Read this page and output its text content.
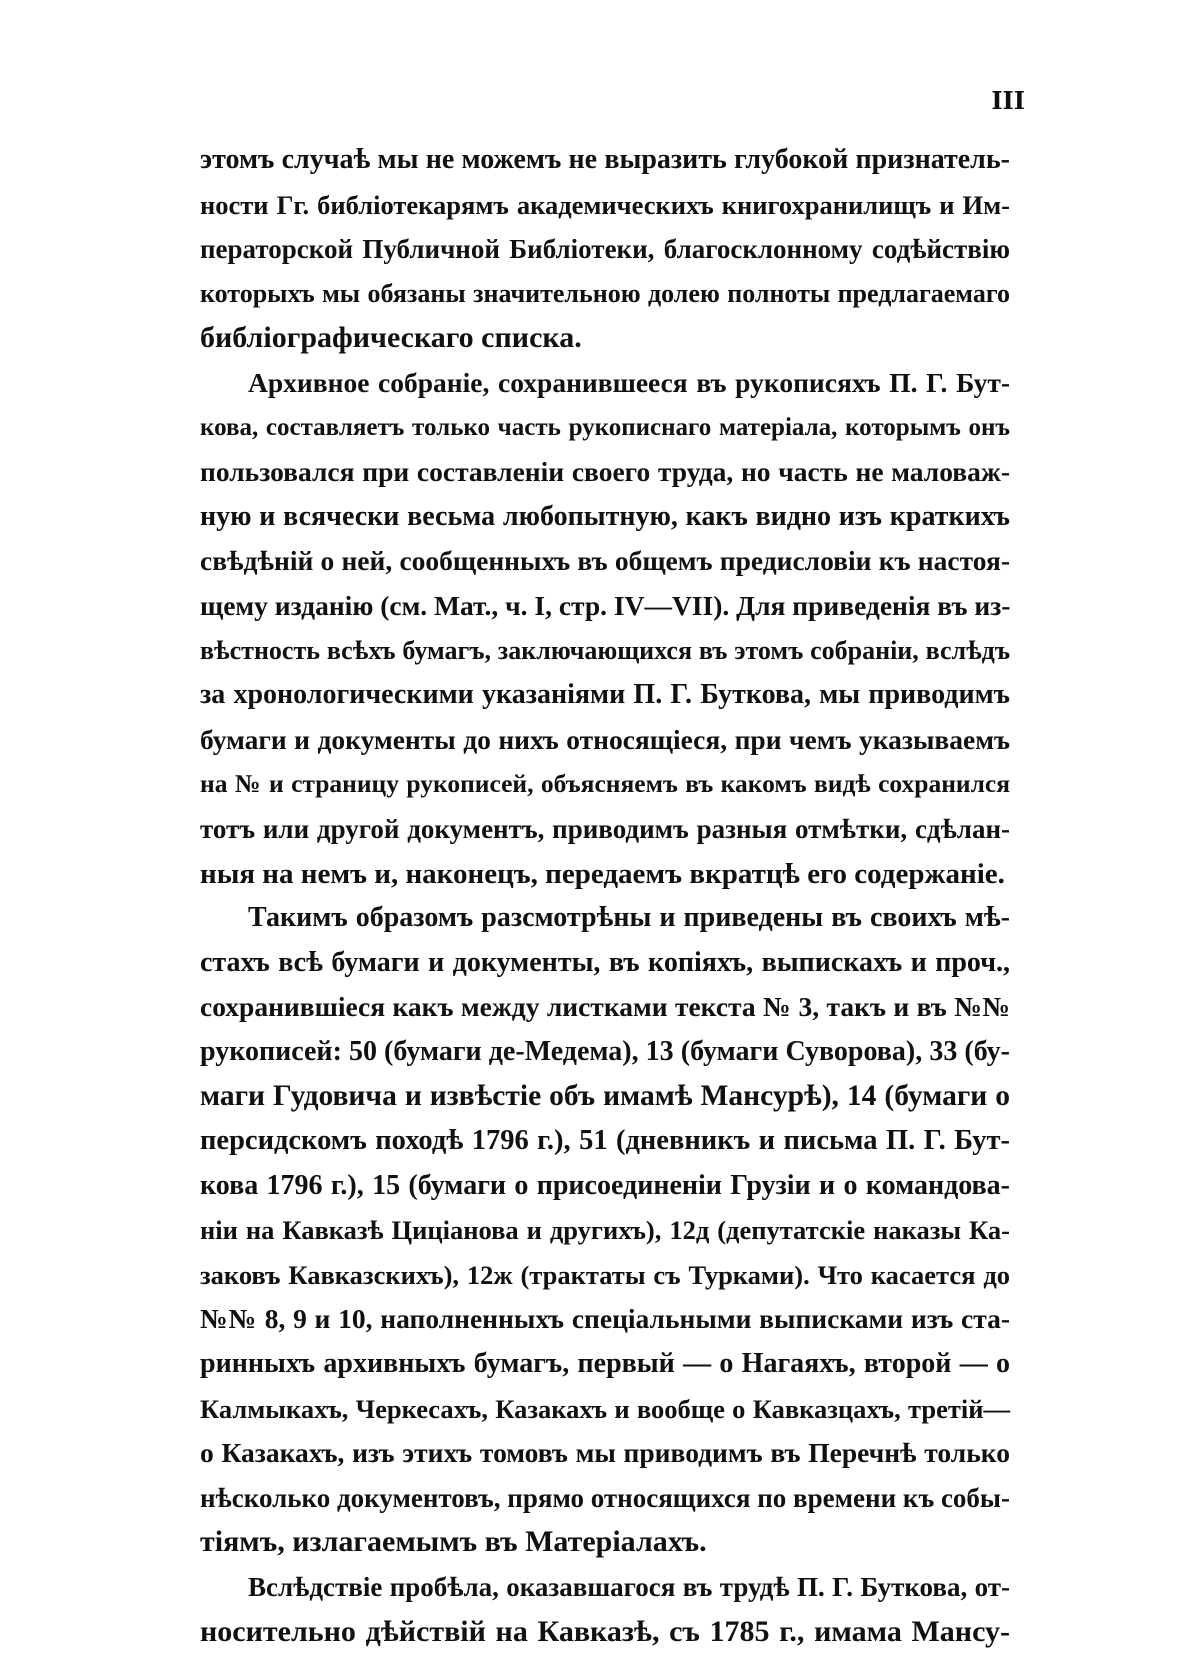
III
этомъ случаѣ мы не можемъ не выразить глубокой признатель-
ности Гг. библіотекарямъ академическихъ книгохранилищъ и Им-
ператорской Публичной Библіотеки, благосклонному содѣйствію
которыхъ мы обязаны значительною долею полноты предлагаемаго
библіографическаго списка.
Архивное собраніе, сохранившееся въ рукописяхъ П. Г. Бут-
кова, составляетъ только часть рукописнаго матеріала, которымъ онъ
пользовался при составленіи своего труда, но часть не маловаж-
ную и всячески весьма любопытную, какъ видно изъ краткихъ
свѣдѣній о ней, сообщенныхъ въ общемъ предисловіи къ настоя-
щему изданію (см. Мат., ч. I, стр. IV—VII). Для приведенія въ из-
вѣстность всѣхъ бумагъ, заключающихся въ этомъ собраніи, вслѣдъ
за хронологическими указаніями П. Г. Буткова, мы приводимъ
бумаги и документы до нихъ относящіеся, при чемъ указываемъ
на № и страницу рукописей, объясняемъ въ какомъ видѣ сохранился
тотъ или другой документъ, приводимъ разныя отмѣтки, сдѣлан-
ныя на немъ и, наконецъ, передаемъ вкратцѣ его содержаніе.
Такимъ образомъ разсмотрѣны и приведены въ своихъ мѣ-
стахъ всѣ бумаги и документы, въ копіяхъ, выпискахъ и проч.,
сохранившіеся какъ между листками текста № 3, такъ и въ №№
рукописей: 50 (бумаги де-Медема), 13 (бумаги Суворова), 33 (бу-
маги Гудовича и извѣстіе объ имамѣ Мансурѣ), 14 (бумаги о
персидскомъ походѣ 1796 г.), 51 (дневникъ и письма П. Г. Бут-
кова 1796 г.), 15 (бумаги о присоединеніи Грузіи и о командова-
ніи на Кавказѣ Циціанова и другихъ), 12д (депутатскіе наказы Ка-
заковъ Кавказскихъ), 12ж (трактаты съ Турками). Что касается до
№№ 8, 9 и 10, наполненныхъ спеціальными выписками изъ ста-
ринныхъ архивныхъ бумагъ, первый — о Нагаяхъ, второй — о
Калмыкахъ, Черкесахъ, Казакахъ и вообще о Кавказцахъ, третій—
о Казакахъ, изъ этихъ томовъ мы приводимъ въ Перечнѣ только
нѣсколько документовъ, прямо относящихся по времени къ собы-
тіямъ, излагаемымъ въ Матеріалахъ.
Вслѣдствіе пробѣла, оказавшагося въ трудѣ П. Г. Буткова, от-
носительно дѣйствій на Кавказѣ, съ 1785 г., имама Мансу-
